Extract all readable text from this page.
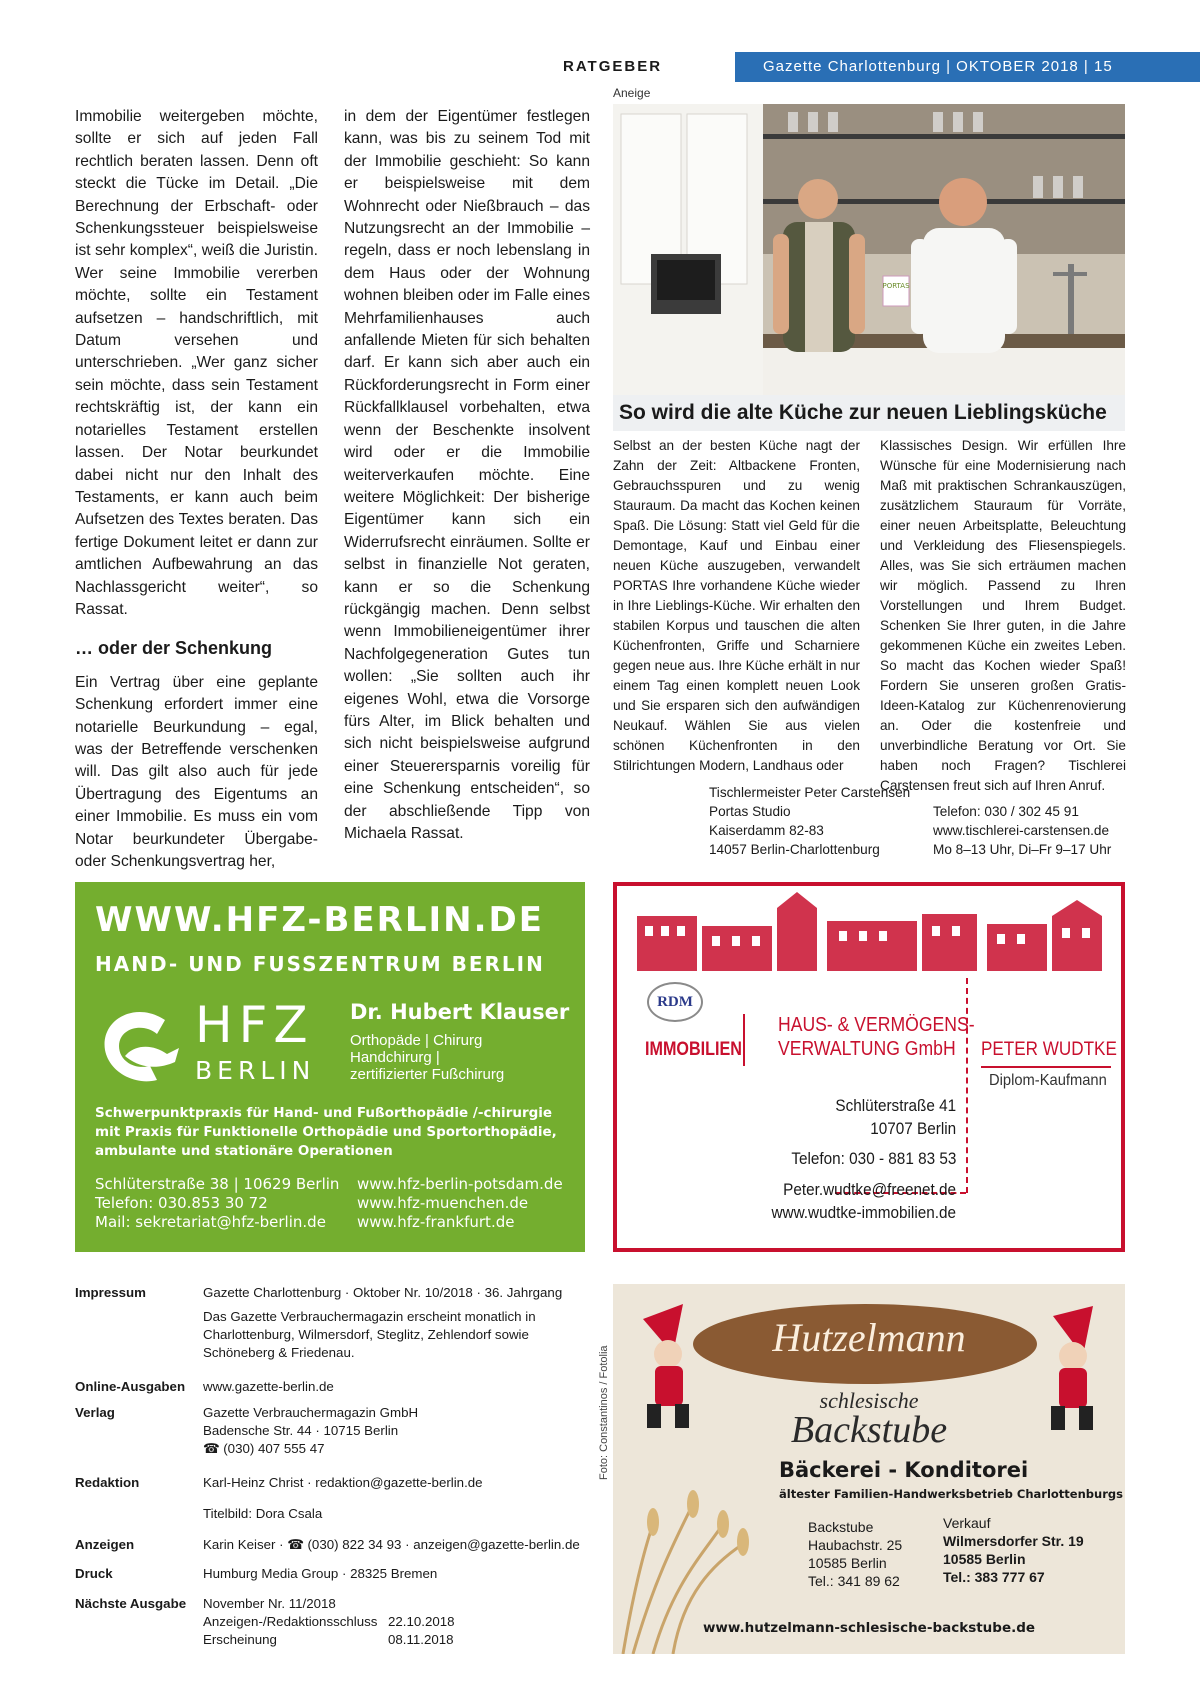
RATGEBER	Gazette Charlottenburg | OKTOBER 2018 | 15
Aneige

Immobilie weitergeben möchte, sollte er sich auf jeden Fall rechtlich beraten lassen. Denn oft steckt die Tücke im Detail. „Die Berechnung der Erbschaft- oder Schenkungssteuer beispielsweise ist sehr komplex“, weiß die Juristin. Wer seine Immobilie vererben möchte, sollte ein Testament aufsetzen – handschriftlich, mit Datum versehen und unterschrieben. „Wer ganz sicher sein möchte, dass sein Testament rechtskräftig ist, der kann ein notarielles Testament erstellen lassen. Der Notar beurkundet dabei nicht nur den Inhalt des Testaments, er kann auch beim Aufsetzen des Textes beraten. Das fertige Dokument leitet er dann zur amtlichen Aufbewahrung an das Nachlassgericht weiter“, so Rassat.

… oder der Schenkung

Ein Vertrag über eine geplante Schenkung erfordert immer eine notarielle Beurkundung – egal, was der Betreffende verschenken will. Das gilt also auch für jede Übertragung des Eigentums an einer Immobilie. Es muss ein vom Notar beurkundeter Übergabe- oder Schenkungsvertrag her,

in dem der Eigentümer festlegen kann, was bis zu seinem Tod mit der Immobilie geschieht: So kann er beispielsweise mit dem Wohnrecht oder Nießbrauch – das Nutzungsrecht an der Immobilie – regeln, dass er noch lebenslang in dem Haus oder der Wohnung wohnen bleiben oder im Falle eines Mehrfamilienhauses auch anfallende Mieten für sich behalten darf. Er kann sich aber auch ein Rückforderungsrecht in Form einer Rückfallklausel vorbehalten, etwa wenn der Beschenkte insolvent wird oder er die Immobilie weiterverkaufen möchte. Eine weitere Möglichkeit: Der bisherige Eigentümer kann sich ein Widerrufsrecht einräumen. Sollte er selbst in finanzielle Not geraten, kann er so die Schenkung rückgängig machen. Denn selbst wenn Immobilieneigentümer ihrer Nachfolgegeneration Gutes tun wollen: „Sie sollten auch ihr eigenes Wohl, etwa die Vorsorge fürs Alter, im Blick behalten und sich nicht beispielsweise aufgrund einer Steuerersparnis voreilig für eine Schenkung entscheiden“, so der abschließende Tipp von Michaela Rassat.

PORTAS
So wird die alte Küche zur neuen Lieblingsküche

Selbst an der besten Küche nagt der Zahn der Zeit: Altbackene Fronten, Gebrauchsspuren und zu wenig Stauraum. Da macht das Kochen keinen Spaß. Die Lösung: Statt viel Geld für die Demontage, Kauf und Einbau einer neuen Küche auszugeben, verwandelt PORTAS Ihre vorhandene Küche wieder in Ihre Lieblings-Küche. Wir erhalten den stabilen Korpus und tauschen die alten Küchenfronten, Griffe und Scharniere gegen neue aus. Ihre Küche erhält in nur einem Tag einen komplett neuen Look und Sie ersparen sich den aufwändigen Neukauf. Wählen Sie aus vielen schönen Küchenfronten in den Stilrichtungen Modern, Landhaus oder

Klassisches Design. Wir erfüllen Ihre Wünsche für eine Modernisierung nach Maß mit praktischen Schrankauszügen, zusätzlichem Stauraum für Vorräte, einer neuen Arbeitsplatte, Beleuchtung und Verkleidung des Fliesenspiegels. Alles, was Sie sich erträumen machen wir möglich. Passend zu Ihren Vorstellungen und Ihrem Budget. Schenken Sie Ihrer guten, in die Jahre gekommenen Küche ein zweites Leben. So macht das Kochen wieder Spaß! Fordern Sie unseren großen Gratis-Ideen-Katalog zur Küchenrenovierung an. Oder die kostenfreie und unverbindliche Beratung vor Ort. Sie haben noch Fragen? Tischlerei Carstensen freut sich auf Ihren Anruf.

Tischlermeister Peter Carstensen
Portas Studio
Kaiserdamm 82-83
14057 Berlin-Charlottenburg
Telefon: 030 / 302 45 91
www.tischlerei-carstensen.de
Mo 8–13 Uhr, Di–Fr 9–17 Uhr
WWW.HFZ-BERLIN.DE
HAND- UND FUSSZENTRUM BERLIN
HFZ
BERLIN
Dr. Hubert Klauser
Orthopäde | Chirurg
Handchirurg |
zertifizierter Fußchirurg
Schwerpunktpraxis für Hand- und Fußorthopädie /-chirurgie
mit Praxis für Funktionelle Orthopädie und Sportorthopädie,
ambulante und stationäre Operationen
Schlüterstraße 38 | 10629 Berlin
Telefon: 030.853 30 72
Mail: sekretariat@hfz-berlin.de
www.hfz-berlin-potsdam.de
www.hfz-muenchen.de
www.hfz-frankfurt.de
RDM
IMMOBILIEN
HAUS- & VERMÖGENS-
VERWALTUNG GmbH PETER WUDTKE
Diplom-Kaufmann
Schlüterstraße 41
10707 Berlin
Telefon: 030 - 881 83 53
Peter.wudtke@freenet.de
www.wudtke-immobilien.de
Impressum	Gazette Charlottenburg · Oktober Nr. 10/2018 · 36. Jahrgang
Das Gazette Verbrauchermagazin erscheint monatlich in
Charlottenburg, Wilmersdorf, Steglitz, Zehlendorf sowie
Schöneberg & Friedenau.
Online-Ausgaben www.gazette-berlin.de
Verlag	Gazette Verbrauchermagazin GmbH
Badensche Str. 44 · 10715 Berlin
☎ (030) 407 555 47
Redaktion	Karl-Heinz Christ · redaktion@gazette-berlin.de
Titelbild: Dora Csala
Anzeigen	Karin Keiser · ☎ (030) 822 34 93 · anzeigen@gazette-berlin.de
Druck	Humburg Media Group · 28325 Bremen
Nächste Ausgabe November Nr. 11/2018
Anzeigen-/Redaktionsschluss 22.10.2018
Erscheinung	08.11.2018
Foto: Constantinos / Fotolia
Hutzelmann
schlesische
Backstube
Bäckerei - Konditorei
ältester Familien-Handwerksbetrieb Charlottenburgs
Backstube
Haubachstr. 25
10585 Berlin
Tel.: 341 89 62
Verkauf
Wilmersdorfer Str. 19
10585 Berlin
Tel.: 383 777 67
www.hutzelmann-schlesische-backstube.de
